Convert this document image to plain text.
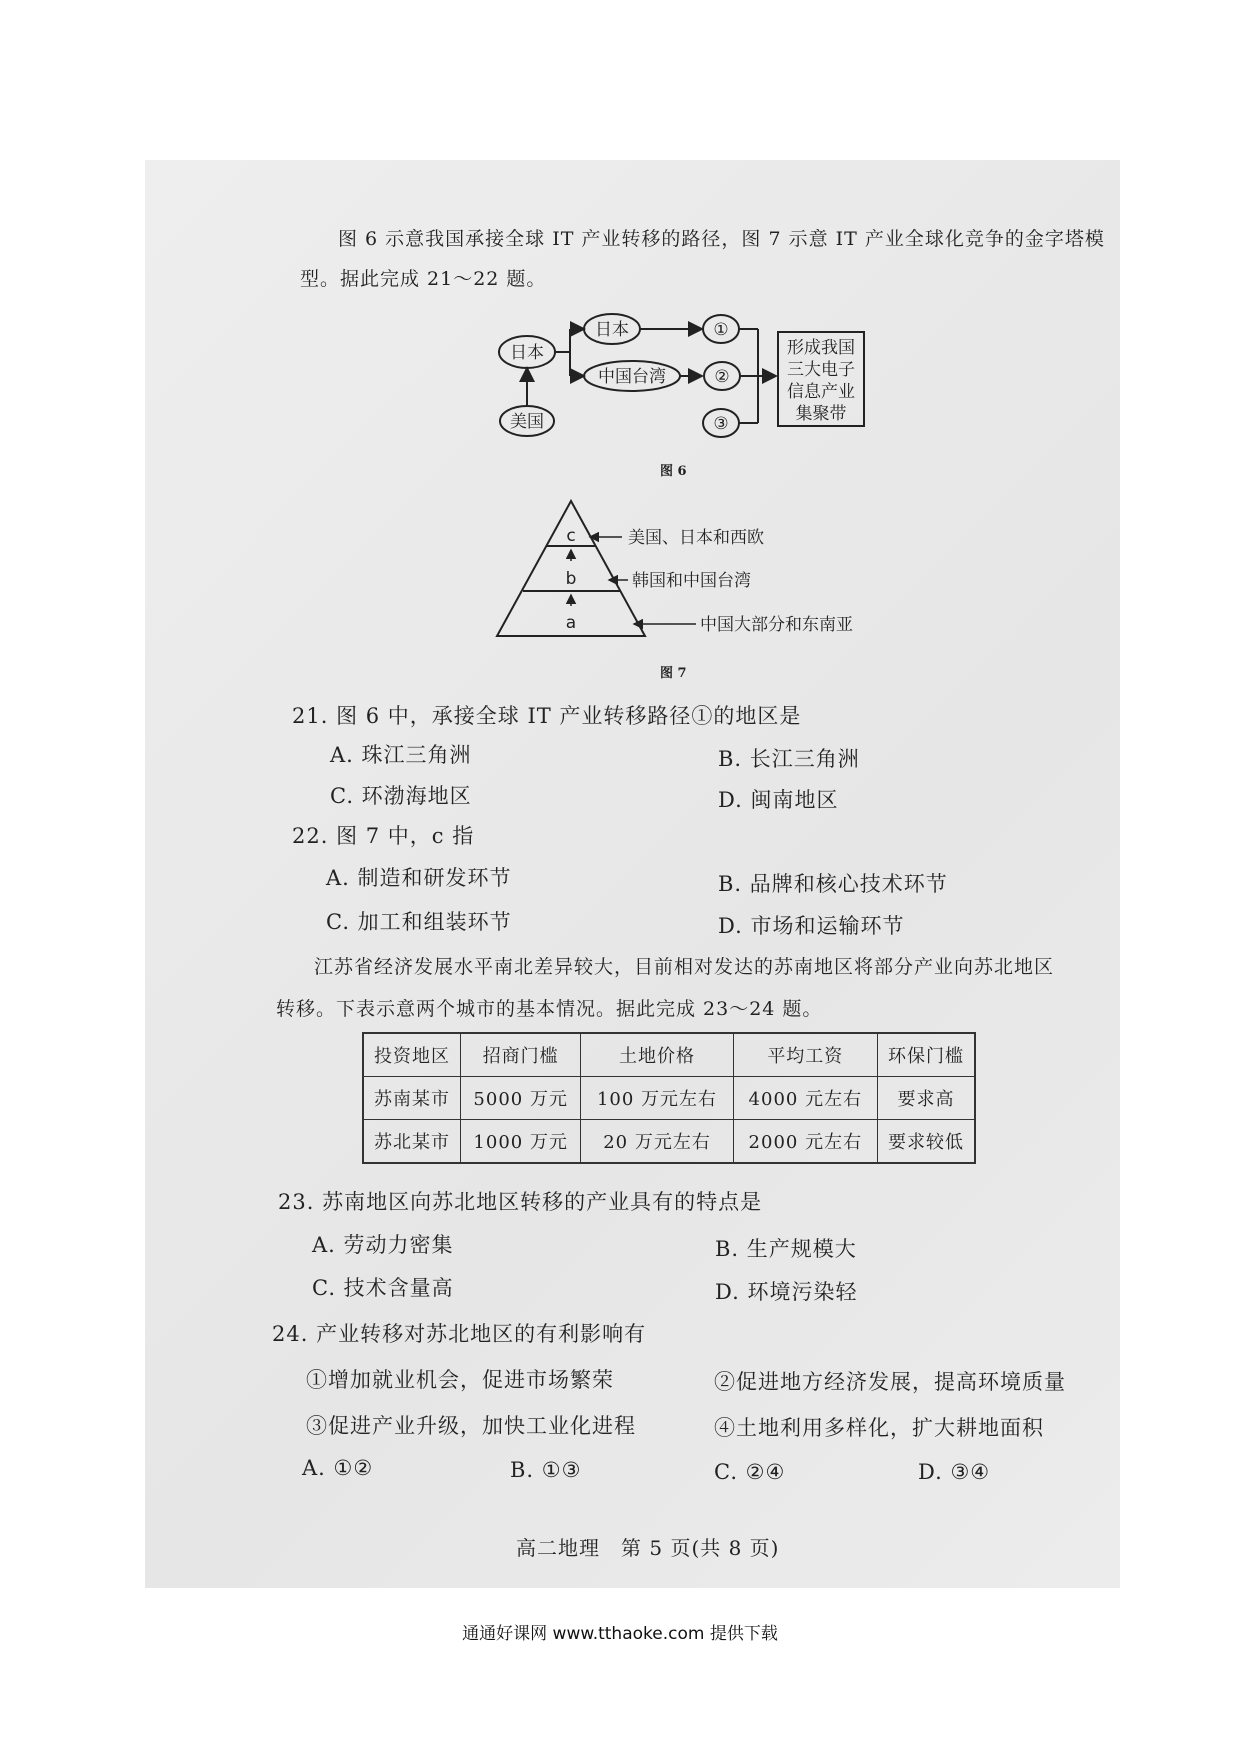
图 6 示意我国承接全球 IT 产业转移的路径，图 7 示意 IT 产业全球化竞争的金字塔模
型。据此完成 21～22 题。
美国
日本
日本
中国台湾
①
②
③
形成我国
三大电子
信息产业
集聚带
图 6
c
b
a
美国、日本和西欧
韩国和中国台湾
中国大部分和东南亚
图 7
21. 图 6 中，承接全球 IT 产业转移路径①的地区是
A. 珠江三角洲	B. 长江三角洲
C. 环渤海地区	D. 闽南地区
22. 图 7 中，c 指
A. 制造和研发环节	B. 品牌和核心技术环节
C. 加工和组装环节	D. 市场和运输环节
江苏省经济发展水平南北差异较大，目前相对发达的苏南地区将部分产业向苏北地区
转移。下表示意两个城市的基本情况。据此完成 23～24 题。
投资地区	招商门槛	土地价格	平均工资	环保门槛
苏南某市	5000 万元	100 万元左右	4000 元左右	要求高
苏北某市	1000 万元	20 万元左右	2000 元左右	要求较低
23. 苏南地区向苏北地区转移的产业具有的特点是
A. 劳动力密集	B. 生产规模大
C. 技术含量高	D. 环境污染轻
24. 产业转移对苏北地区的有利影响有
①增加就业机会，促进市场繁荣	②促进地方经济发展，提高环境质量
③促进产业升级，加快工业化进程	④土地利用多样化，扩大耕地面积
A. ①②	B. ①③	C. ②④	D. ③④
高二地理　第 5 页(共 8 页)
通通好课网 www.tthaoke.com 提供下载
